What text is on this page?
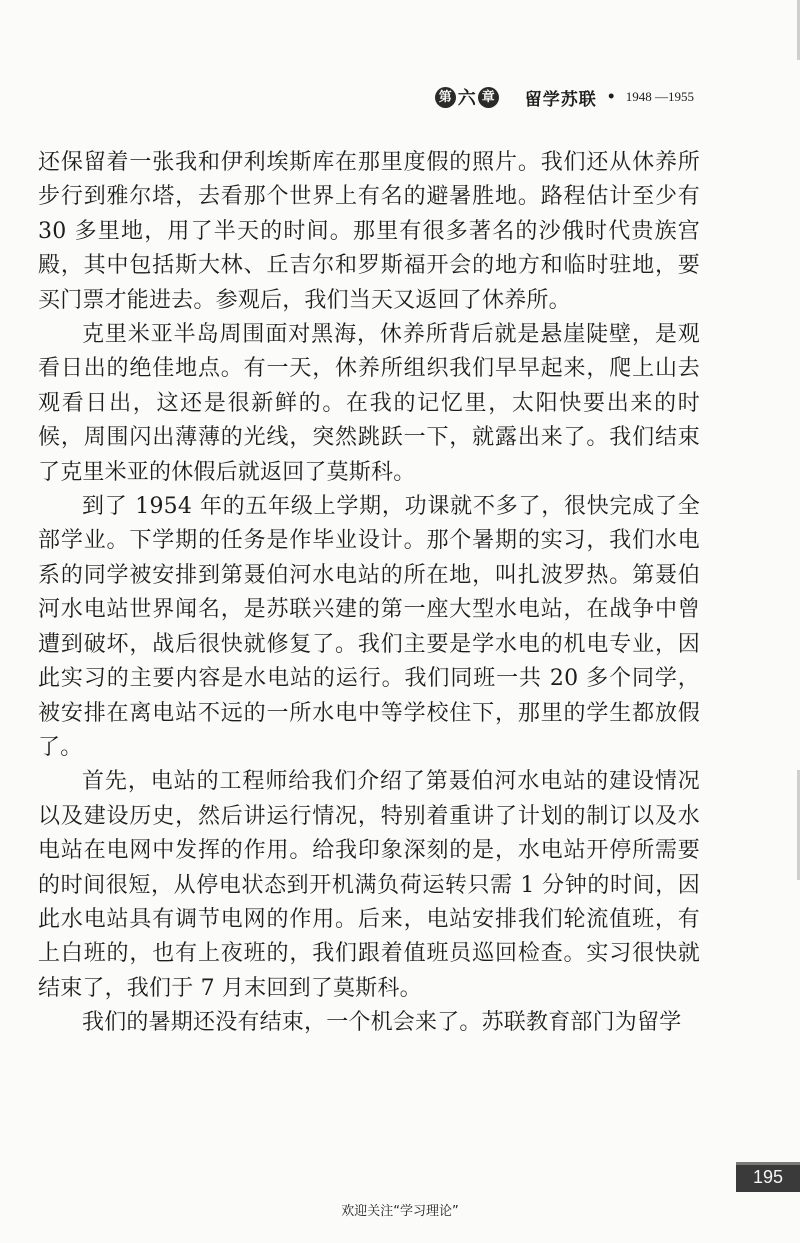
第 六 章 留学苏联 • 1948 —1955

还保留着一张我和伊利埃斯库在那里度假的照片。我们还从休养所步行到雅尔塔，去看那个世界上有名的避暑胜地。路程估计至少有 30 多里地，用了半天的时间。那里有很多著名的沙俄时代贵族宫殿，其中包括斯大林、丘吉尔和罗斯福开会的地方和临时驻地，要买门票才能进去。参观后，我们当天又返回了休养所。

克里米亚半岛周围面对黑海，休养所背后就是悬崖陡壁，是观看日出的绝佳地点。有一天，休养所组织我们早早起来，爬上山去观看日出，这还是很新鲜的。在我的记忆里，太阳快要出来的时候，周围闪出薄薄的光线，突然跳跃一下，就露出来了。我们结束了克里米亚的休假后就返回了莫斯科。

到了 1954 年的五年级上学期，功课就不多了，很快完成了全部学业。下学期的任务是作毕业设计。那个暑期的实习，我们水电系的同学被安排到第聂伯河水电站的所在地，叫扎波罗热。第聂伯河水电站世界闻名，是苏联兴建的第一座大型水电站，在战争中曾遭到破坏，战后很快就修复了。我们主要是学水电的机电专业，因此实习的主要内容是水电站的运行。我们同班一共 20 多个同学，被安排在离电站不远的一所水电中等学校住下，那里的学生都放假了。

首先，电站的工程师给我们介绍了第聂伯河水电站的建设情况以及建设历史，然后讲运行情况，特别着重讲了计划的制订以及水电站在电网中发挥的作用。给我印象深刻的是，水电站开停所需要的时间很短，从停电状态到开机满负荷运转只需 1 分钟的时间，因此水电站具有调节电网的作用。后来，电站安排我们轮流值班，有上白班的，也有上夜班的，我们跟着值班员巡回检查。实习很快就结束了，我们于 7 月末回到了莫斯科。

我们的暑期还没有结束，一个机会来了。苏联教育部门为留学

195
欢迎关注“学习理论”
